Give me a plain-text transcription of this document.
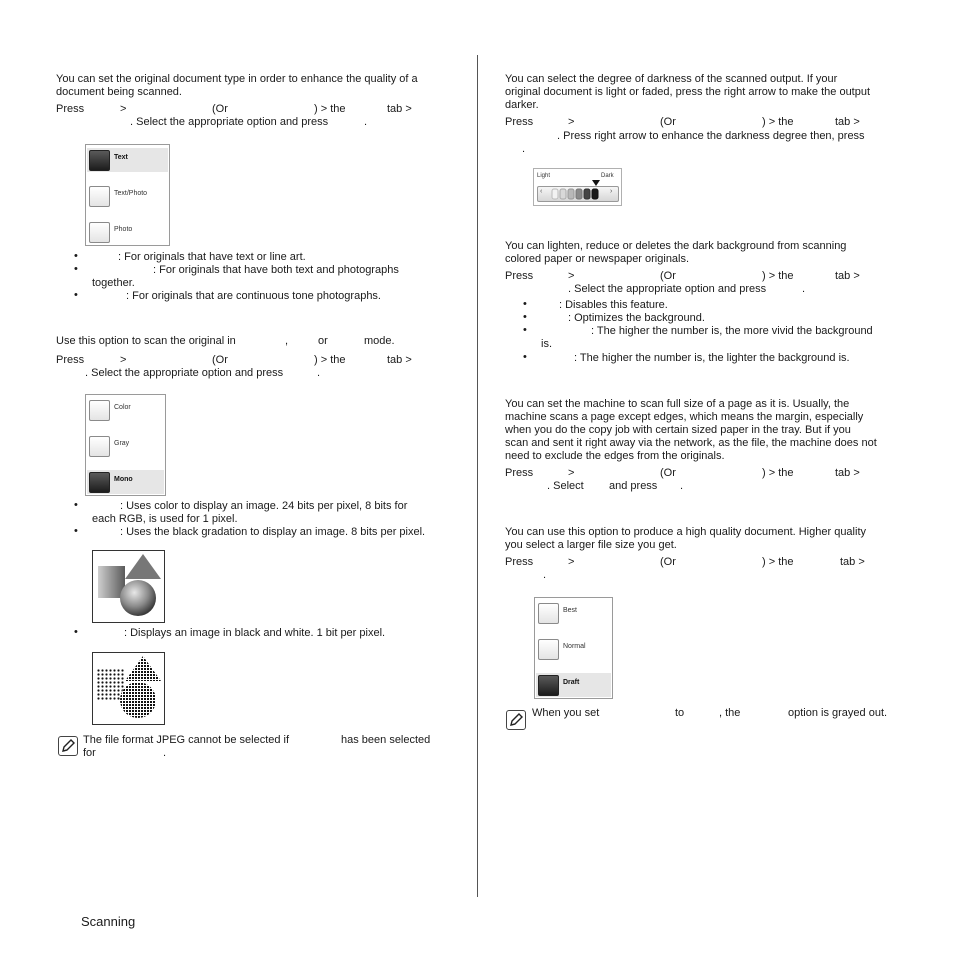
You can set the original document type in order to enhance the quality of a
document being scanned.
Press	>	(Or	) > the	tab >
. Select the appropriate option and press	.
Text
Text/Photo
Photo
•	: For originals that have text or line art.
•	: For originals that have both text and photographs
together.
•	: For originals that are continuous tone photographs.
Use this option to scan the original in	,	or	mode.
Press	>	(Or	) > the	tab >
. Select the appropriate option and press	.
Color
Gray
Mono
•	: Uses color to display an image. 24 bits per pixel, 8 bits for
each RGB, is used for 1 pixel.
•	: Uses the black gradation to display an image. 8 bits per pixel.
•	: Displays an image in black and white. 1 bit per pixel.
The file format JPEG cannot be selected if	has been selected
for	.
You can select the degree of darkness of the scanned output. If your
original document is light or faded, press the right arrow to make the output
darker.
Press	>	(Or	) > the	tab >
. Press right arrow to enhance the darkness degree then, press
.
Light	Dark
‹	›
You can lighten, reduce or deletes the dark background from scanning
colored paper or newspaper originals.
Press	>	(Or	) > the	tab >
. Select the appropriate option and press	.
•	: Disables this feature.
•	: Optimizes the background.
•	: The higher the number is, the more vivid the background
is.
•	: The higher the number is, the lighter the background is.
You can set the machine to scan full size of a page as it is. Usually, the
machine scans a page except edges, which means the margin, especially
when you do the copy job with certain sized paper in the tray. But if you
scan and sent it right away via the network, as the file, the machine does not
need to exclude the edges from the originals.
Press	>	(Or	) > the	tab >
. Select and press .
You can use this option to produce a high quality document. Higher quality
you select a larger file size you get.
Press	>	(Or	) > the	tab >
.
Best
Normal
Draft
When you set	to	, the	option is grayed out.
Scanning
